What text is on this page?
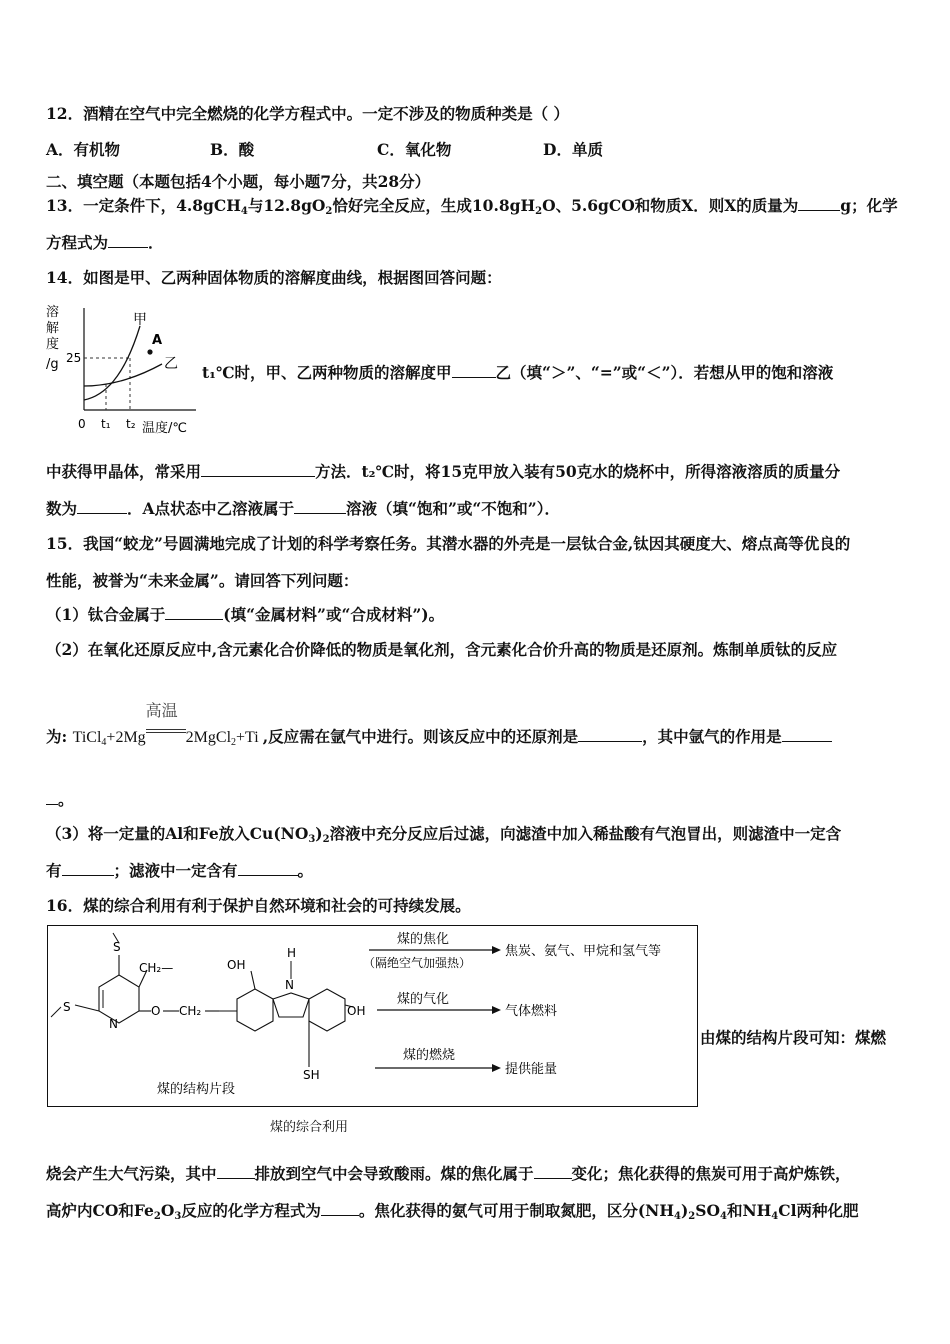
12．酒精在空气中完全燃烧的化学方程式中。一定不涉及的物质种类是（ ）
A．有机物	B．酸	C．氧化物	D．单质
二、填空题（本题包括4个小题，每小题7分，共28分）
13．一定条件下，4.8gCH$_4$与$12.8gO_2$恰好完全反应，生成$10.8gH_2O$、5.6gCO和物质X．则X的质量为	g；化学
方程式为	．
14．如图是甲、乙两种固体物质的溶解度曲线，根据图回答问题：
溶
解
度
/g 25
甲
乙
A
0 t₁ t₂ 温度/℃
t₁℃时，甲、乙两种物质的溶解度甲	乙（填“＞”、“=”或“＜”）．若想从甲的饱和溶液
中获得甲晶体，常采用	方法．t₂℃时，将15克甲放入装有50克水的烧杯中，所得溶液溶质的质量分
数为	．A点状态中乙溶液属于	溶液（填“饱和”或“不饱和”）．
15．我国“蛟龙”号圆满地完成了计划的科学考察任务。其潜水器的外壳是一层钛合金,钛因其硬度大、熔点高等优良的
性能，被誉为“未来金属”。请回答下列问题：
（1）钛合金属于	(填“金属材料”或“合成材料”)。
（2）在氧化还原反应中,含元素化合价降低的物质是氧化剂，含元素化合价升高的物质是还原剂。炼制单质钛的反应
为: TiCl$_4$+2Mg
高温
2MgCl$_2$+Ti ,反应需在氩气中进行。则该反应中的还原剂是	，其中氩气的作用是
。
（3）将一定量的Al和Fe放入$Cu(NO_3)_2$溶液中充分反应后过滤，向滤渣中加入稀盐酸有气泡冒出，则滤渣中一定含
有	；滤液中一定含有	。
16．煤的综合利用有利于保护自然环境和社会的可持续发展。
S
CH₂—
S
N
O CH₂
OH
N
H
OH
SH
煤的结构片段
煤的焦化
（隔绝空气加强热）
焦炭、氨气、甲烷和氢气等
煤的气化
气体燃料
煤的燃烧
提供能量
煤的综合利用
由煤的结构片段可知：煤燃
烧会产生大气污染，其中 排放到空气中会导致酸雨。煤的焦化属于 变化；焦化获得的焦炭可用于高炉炼铁，
高炉内CO和$Fe_2O_3$反应的化学方程式为 。焦化获得的氨气可用于制取氮肥，区分$(NH_4)_2SO_4$和$NH_4Cl$两种化肥
